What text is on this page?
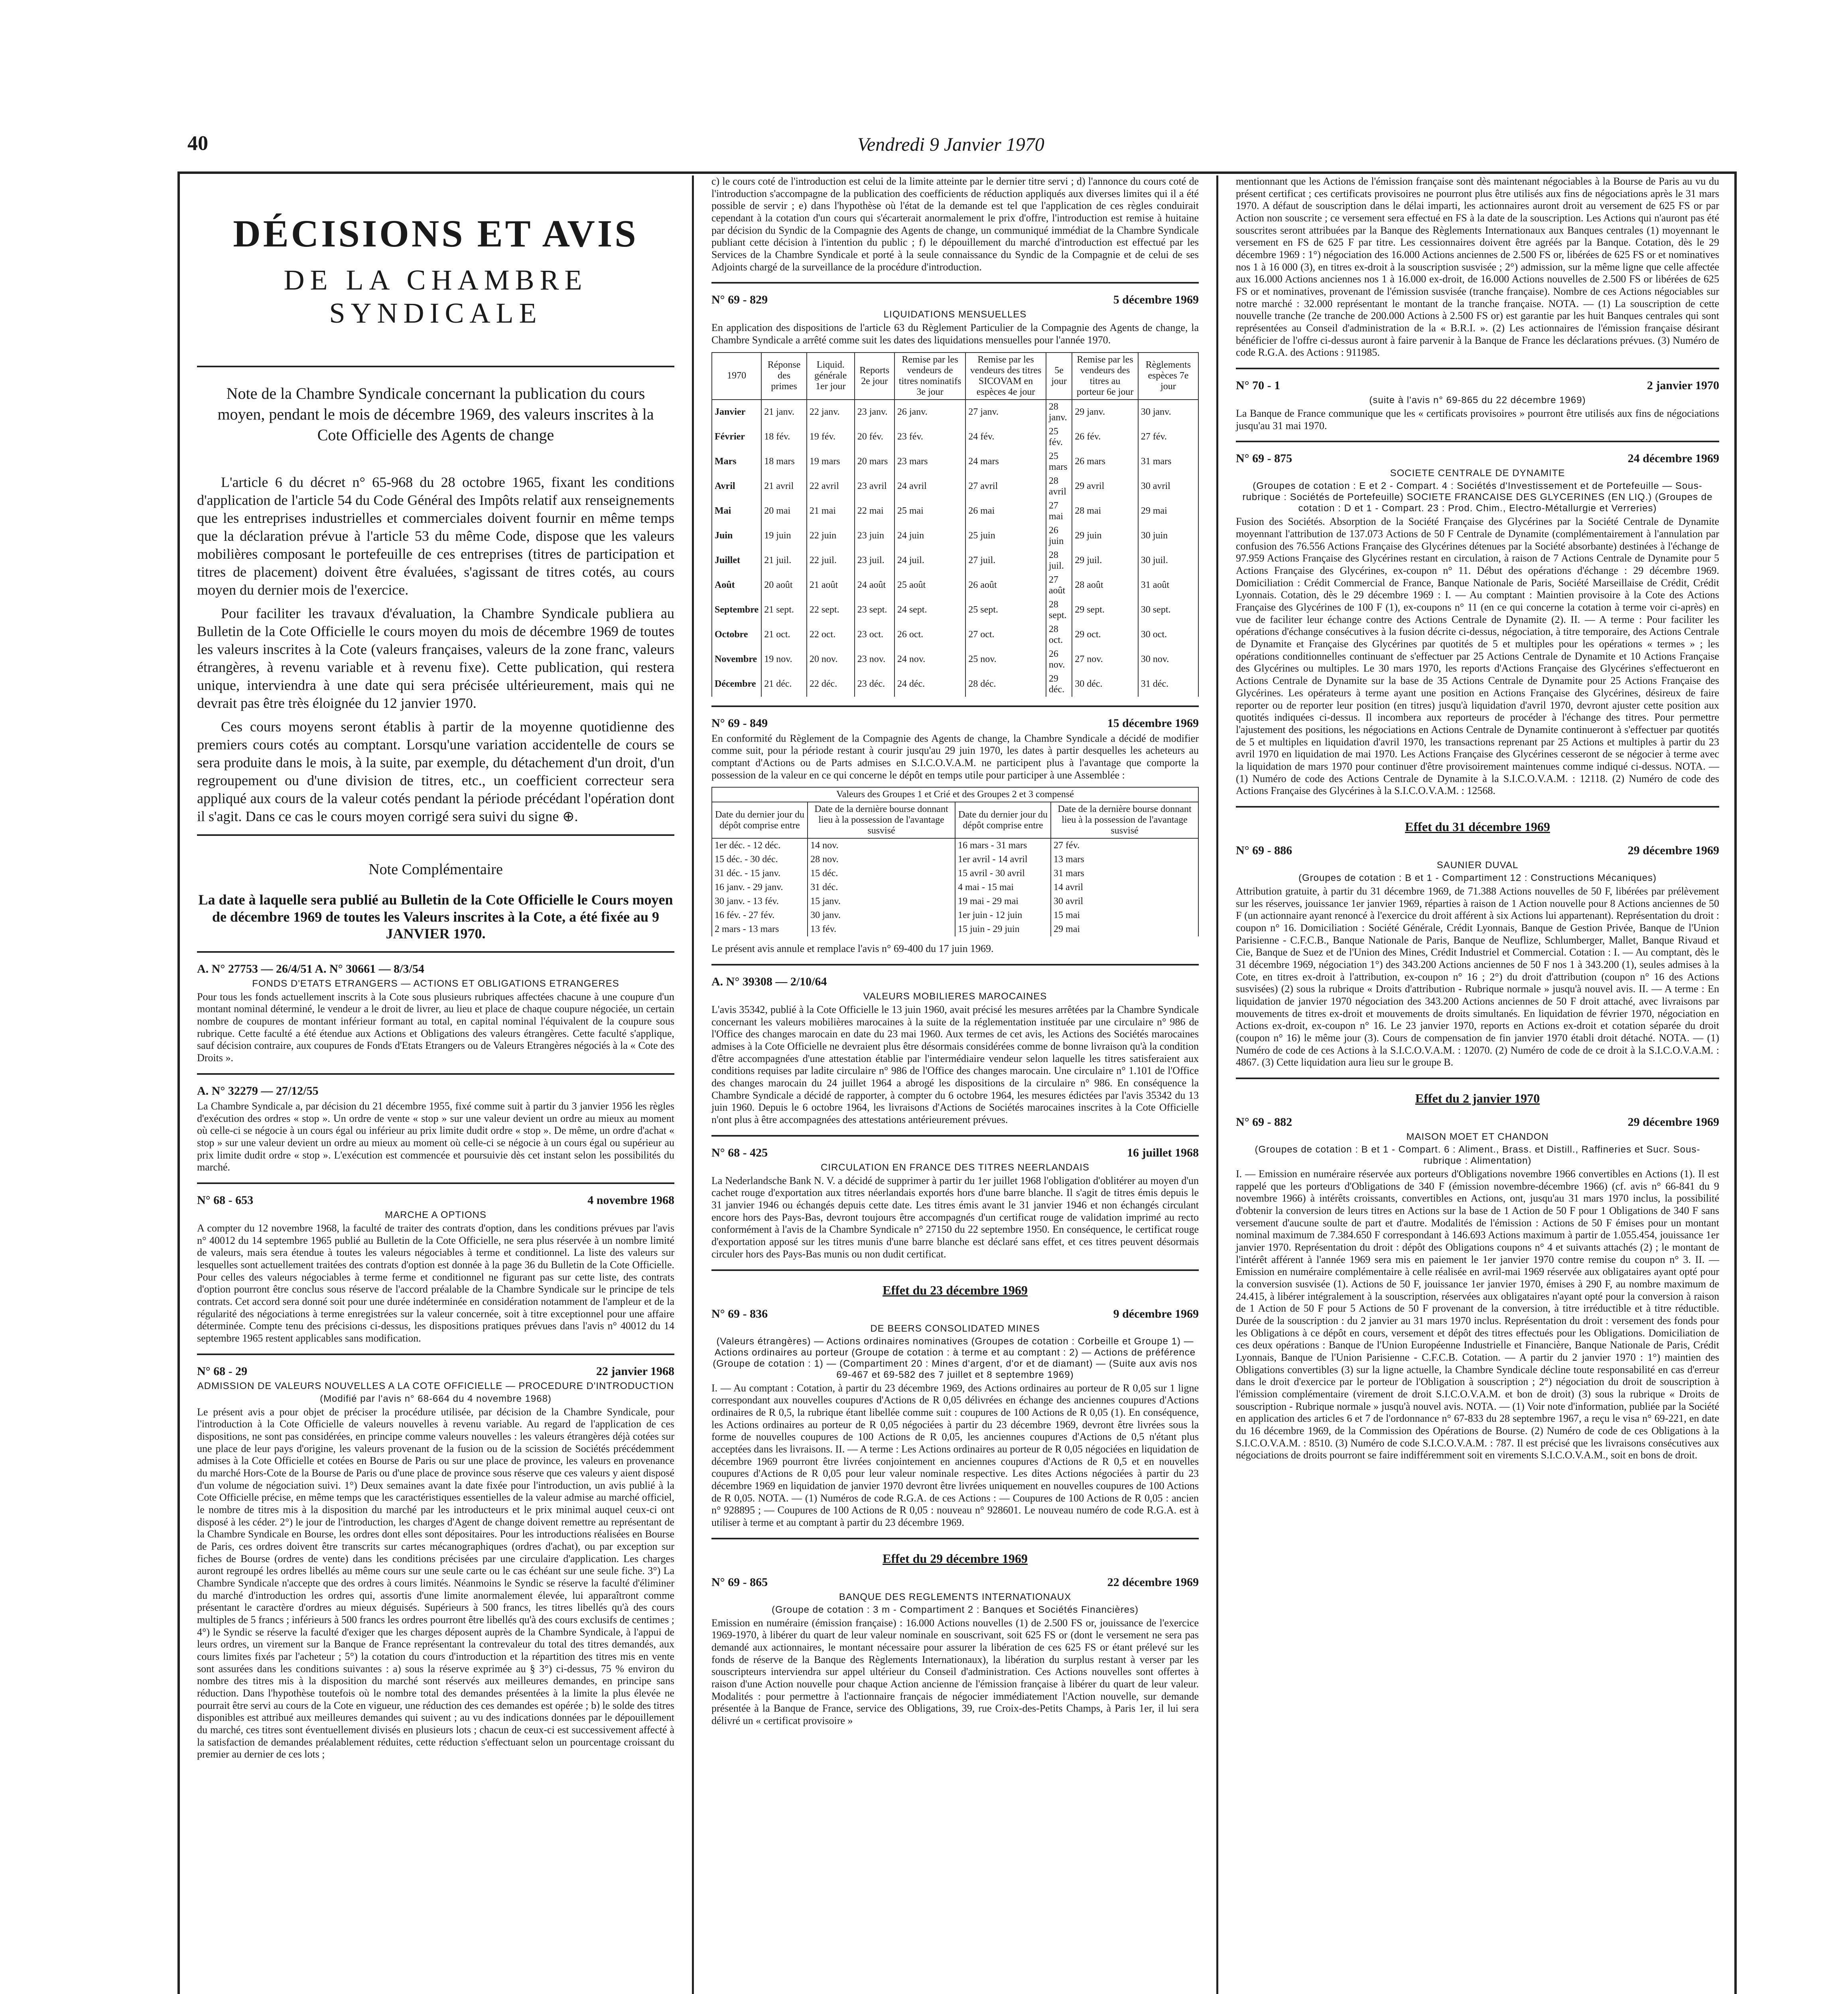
40	Vendredi 9 Janvier 1970
DÉCISIONS ET AVIS
DE LA CHAMBRE SYNDICALE
Note de la Chambre Syndicale concernant la publication du cours moyen, pendant le mois de décembre 1969, des valeurs inscrites à la Cote Officielle des Agents de change

L'article 6 du décret n° 65-968 du 28 octobre 1965, fixant les conditions d'application de l'article 54 du Code Général des Impôts relatif aux renseignements que les entreprises industrielles et commerciales doivent fournir en même temps que la déclaration prévue à l'article 53 du même Code, dispose que les valeurs mobilières composant le portefeuille de ces entreprises (titres de participation et titres de placement) doivent être évaluées, s'agissant de titres cotés, au cours moyen du dernier mois de l'exercice.

Pour faciliter les travaux d'évaluation, la Chambre Syndicale publiera au Bulletin de la Cote Officielle le cours moyen du mois de décembre 1969 de toutes les valeurs inscrites à la Cote (valeurs françaises, valeurs de la zone franc, valeurs étrangères, à revenu variable et à revenu fixe). Cette publication, qui restera unique, interviendra à une date qui sera précisée ultérieurement, mais qui ne devrait pas être très éloignée du 12 janvier 1970.

Ces cours moyens seront établis à partir de la moyenne quotidienne des premiers cours cotés au comptant. Lorsqu'une variation accidentelle de cours se sera produite dans le mois, à la suite, par exemple, du détachement d'un droit, d'un regroupement ou d'une division de titres, etc., un coefficient correcteur sera appliqué aux cours de la valeur cotés pendant la période précédant l'opération dont il s'agit. Dans ce cas le cours moyen corrigé sera suivi du signe ⊕.

Note Complémentaire

La date à laquelle sera publié au Bulletin de la Cote Officielle le Cours moyen de décembre 1969 de toutes les Valeurs inscrites à la Cote, a été fixée au 9 JANVIER 1970.

A. N° 27753 — 26/4/51 A. N° 30661 — 8/3/54
FONDS D'ETATS ETRANGERS — ACTIONS ET OBLIGATIONS ETRANGERES

Pour tous les fonds actuellement inscrits à la Cote sous plusieurs rubriques affectées chacune à une coupure d'un montant nominal déterminé, le vendeur a le droit de livrer, au lieu et place de chaque coupure négociée, un certain nombre de coupures de montant inférieur formant au total, en capital nominal l'équivalent de la coupure sous rubrique. Cette faculté a été étendue aux Actions et Obligations des valeurs étrangères. Cette faculté s'applique, sauf décision contraire, aux coupures de Fonds d'Etats Etrangers ou de Valeurs Etrangères négociés à la « Cote des Droits ».

A. N° 32279 — 27/12/55

La Chambre Syndicale a, par décision du 21 décembre 1955, fixé comme suit à partir du 3 janvier 1956 les règles d'exécution des ordres « stop ». Un ordre de vente « stop » sur une valeur devient un ordre au mieux au moment où celle-ci se négocie à un cours égal ou inférieur au prix limite dudit ordre « stop ». De même, un ordre d'achat « stop » sur une valeur devient un ordre au mieux au moment où celle-ci se négocie à un cours égal ou supérieur au prix limite dudit ordre « stop ». L'exécution est commencée et poursuivie dès cet instant selon les possibilités du marché.

N° 68 - 653	4 novembre 1968
MARCHE A OPTIONS

A compter du 12 novembre 1968, la faculté de traiter des contrats d'option, dans les conditions prévues par l'avis n° 40012 du 14 septembre 1965 publié au Bulletin de la Cote Officielle, ne sera plus réservée à un nombre limité de valeurs, mais sera étendue à toutes les valeurs négociables à terme et conditionnel. La liste des valeurs sur lesquelles sont actuellement traitées des contrats d'option est donnée à la page 36 du Bulletin de la Cote Officielle. Pour celles des valeurs négociables à terme ferme et conditionnel ne figurant pas sur cette liste, des contrats d'option pourront être conclus sous réserve de l'accord préalable de la Chambre Syndicale sur le principe de tels contrats. Cet accord sera donné soit pour une durée indéterminée en considération notamment de l'ampleur et de la régularité des négociations à terme enregistrées sur la valeur concernée, soit à titre exceptionnel pour une affaire déterminée. Compte tenu des précisions ci-dessus, les dispositions pratiques prévues dans l'avis n° 40012 du 14 septembre 1965 restent applicables sans modification.

N° 68 - 29	22 janvier 1968
ADMISSION DE VALEURS NOUVELLES A LA COTE OFFICIELLE — PROCEDURE D'INTRODUCTION
(Modifié par l'avis n° 68-664 du 4 novembre 1968)

Le présent avis a pour objet de préciser la procédure utilisée, par décision de la Chambre Syndicale, pour l'introduction à la Cote Officielle de valeurs nouvelles à revenu variable. Au regard de l'application de ces dispositions, ne sont pas considérées, en principe comme valeurs nouvelles : les valeurs étrangères déjà cotées sur une place de leur pays d'origine, les valeurs provenant de la fusion ou de la scission de Sociétés précédemment admises à la Cote Officielle et cotées en Bourse de Paris ou sur une place de province, les valeurs en provenance du marché Hors-Cote de la Bourse de Paris ou d'une place de province sous réserve que ces valeurs y aient disposé d'un volume de négociation suivi. 1°) Deux semaines avant la date fixée pour l'introduction, un avis publié à la Cote Officielle précise, en même temps que les caractéristiques essentielles de la valeur admise au marché officiel, le nombre de titres mis à la disposition du marché par les introducteurs et le prix minimal auquel ceux-ci ont disposé à les céder. 2°) le jour de l'introduction, les charges d'Agent de change doivent remettre au représentant de la Chambre Syndicale en Bourse, les ordres dont elles sont dépositaires. Pour les introductions réalisées en Bourse de Paris, ces ordres doivent être transcrits sur cartes mécanographiques (ordres d'achat), ou par exception sur fiches de Bourse (ordres de vente) dans les conditions précisées par une circulaire d'application. Les charges auront regroupé les ordres libellés au même cours sur une seule carte ou le cas échéant sur une seule fiche. 3°) La Chambre Syndicale n'accepte que des ordres à cours limités. Néanmoins le Syndic se réserve la faculté d'éliminer du marché d'introduction les ordres qui, assortis d'une limite anormalement élevée, lui apparaîtront comme présentant le caractère d'ordres au mieux déguisés. Supérieurs à 500 francs, les titres libellés qu'à des cours multiples de 5 francs ; inférieurs à 500 francs les ordres pourront être libellés qu'à des cours exclusifs de centimes ; 4°) le Syndic se réserve la faculté d'exiger que les charges déposent auprès de la Chambre Syndicale, à l'appui de leurs ordres, un virement sur la Banque de France représentant la contrevaleur du total des titres demandés, aux cours limites fixés par l'acheteur ; 5°) la cotation du cours d'introduction et la répartition des titres mis en vente sont assurées dans les conditions suivantes : a) sous la réserve exprimée au § 3°) ci-dessus, 75 % environ du nombre des titres mis à la disposition du marché sont réservés aux meilleures demandes, en principe sans réduction. Dans l'hypothèse toutefois où le nombre total des demandes présentées à la limite la plus élevée ne pourrait être servi au cours de la Cote en vigueur, une réduction des ces demandes est opérée ; b) le solde des titres disponibles est attribué aux meilleures demandes qui suivent ; au vu des indications données par le dépouillement du marché, ces titres sont éventuellement divisés en plusieurs lots ; chacun de ceux-ci est successivement affecté à la satisfaction de demandes préalablement réduites, cette réduction s'effectuant selon un pourcentage croissant du premier au dernier de ces lots ;

c) le cours coté de l'introduction est celui de la limite atteinte par le dernier titre servi ; d) l'annonce du cours coté de l'introduction s'accompagne de la publication des coefficients de réduction appliqués aux diverses limites qui il a été possible de servir ; e) dans l'hypothèse où l'état de la demande est tel que l'application de ces règles conduirait cependant à la cotation d'un cours qui s'écarterait anormalement le prix d'offre, l'introduction est remise à huitaine par décision du Syndic de la Compagnie des Agents de change, un communiqué immédiat de la Chambre Syndicale publiant cette décision à l'intention du public ; f) le dépouillement du marché d'introduction est effectué par les Services de la Chambre Syndicale et porté à la seule connaissance du Syndic de la Compagnie et de celui de ses Adjoints chargé de la surveillance de la procédure d'introduction.

N° 69 - 829	5 décembre 1969
LIQUIDATIONS MENSUELLES

En application des dispositions de l'article 63 du Règlement Particulier de la Compagnie des Agents de change, la Chambre Syndicale a arrêté comme suit les dates des liquidations mensuelles pour l'année 1970.

1970	Réponse des primes	Liquid. générale 1er jour	Reports 2e jour	Remise par les vendeurs de titres nominatifs 3e jour	Remise par les vendeurs des titres SICOVAM en espèces 4e jour	5e jour	Remise par les vendeurs des titres au porteur 6e jour	Règlements espèces 7e jour
Janvier	21 janv.	22 janv.	23 janv.	26 janv.	27 janv.	28 janv.	29 janv.	30 janv.
Février	18 fév.	19 fév.	20 fév.	23 fév.	24 fév.	25 fév.	26 fév.	27 fév.
Mars	18 mars	19 mars	20 mars	23 mars	24 mars	25 mars	26 mars	31 mars
Avril	21 avril	22 avril	23 avril	24 avril	27 avril	28 avril	29 avril	30 avril
Mai	20 mai	21 mai	22 mai	25 mai	26 mai	27 mai	28 mai	29 mai
Juin	19 juin	22 juin	23 juin	24 juin	25 juin	26 juin	29 juin	30 juin
Juillet	21 juil.	22 juil.	23 juil.	24 juil.	27 juil.	28 juil.	29 juil.	30 juil.
Août	20 août	21 août	24 août	25 août	26 août	27 août	28 août	31 août
Septembre	21 sept.	22 sept.	23 sept.	24 sept.	25 sept.	28 sept.	29 sept.	30 sept.
Octobre	21 oct.	22 oct.	23 oct.	26 oct.	27 oct.	28 oct.	29 oct.	30 oct.
Novembre	19 nov.	20 nov.	23 nov.	24 nov.	25 nov.	26 nov.	27 nov.	30 nov.
Décembre	21 déc.	22 déc.	23 déc.	24 déc.	28 déc.	29 déc.	30 déc.	31 déc.
N° 69 - 849	15 décembre 1969

En conformité du Règlement de la Compagnie des Agents de change, la Chambre Syndicale a décidé de modifier comme suit, pour la période restant à courir jusqu'au 29 juin 1970, les dates à partir desquelles les acheteurs au comptant d'Actions ou de Parts admises en S.I.C.O.V.A.M. ne participent plus à l'avantage que comporte la possession de la valeur en ce qui concerne le dépôt en temps utile pour participer à une Assemblée :

Valeurs des Groupes 1 et Crié et des Groupes 2 et 3 compensé			
Date du dernier jour du dépôt comprise entre	Date de la dernière bourse donnant lieu à la possession de l'avantage susvisé	Date du dernier jour du dépôt comprise entre	Date de la dernière bourse donnant lieu à la possession de l'avantage susvisé
1er déc. - 12 déc.	14 nov.	16 mars - 31 mars	27 fév.
15 déc. - 30 déc.	28 nov.	1er avril - 14 avril	13 mars
31 déc. - 15 janv.	15 déc.	15 avril - 30 avril	31 mars
16 janv. - 29 janv.	31 déc.	4 mai - 15 mai	14 avril
30 janv. - 13 fév.	15 janv.	19 mai - 29 mai	30 avril
16 fév. - 27 fév.	30 janv.	1er juin - 12 juin	15 mai
2 mars - 13 mars	13 fév.	15 juin - 29 juin	29 mai

Le présent avis annule et remplace l'avis n° 69-400 du 17 juin 1969.

A. N° 39308 — 2/10/64
VALEURS MOBILIERES MAROCAINES

L'avis 35342, publié à la Cote Officielle le 13 juin 1960, avait précisé les mesures arrêtées par la Chambre Syndicale concernant les valeurs mobilières marocaines à la suite de la réglementation instituée par une circulaire n° 986 de l'Office des changes marocain en date du 23 mai 1960. Aux termes de cet avis, les Actions des Sociétés marocaines admises à la Cote Officielle ne devraient plus être désormais considérées comme de bonne livraison qu'à la condition d'être accompagnées d'une attestation établie par l'intermédiaire vendeur selon laquelle les titres satisferaient aux conditions requises par ladite circulaire n° 986 de l'Office des changes marocain. Une circulaire n° 1.101 de l'Office des changes marocain du 24 juillet 1964 a abrogé les dispositions de la circulaire n° 986. En conséquence la Chambre Syndicale a décidé de rapporter, à compter du 6 octobre 1964, les mesures édictées par l'avis 35342 du 13 juin 1960. Depuis le 6 octobre 1964, les livraisons d'Actions de Sociétés marocaines inscrites à la Cote Officielle n'ont plus à être accompagnées des attestations antérieurement prévues.

N° 68 - 425	16 juillet 1968
CIRCULATION EN FRANCE DES TITRES NEERLANDAIS

La Nederlandsche Bank N. V. a décidé de supprimer à partir du 1er juillet 1968 l'obligation d'oblitérer au moyen d'un cachet rouge d'exportation aux titres néerlandais exportés hors d'une barre blanche. Il s'agit de titres émis depuis le 31 janvier 1946 ou échangés depuis cette date. Les titres émis avant le 31 janvier 1946 et non échangés circulant encore hors des Pays-Bas, devront toujours être accompagnés d'un certificat rouge de validation imprimé au recto conformément à l'avis de la Chambre Syndicale n° 27150 du 22 septembre 1950. En conséquence, le certificat rouge d'exportation apposé sur les titres munis d'une barre blanche est déclaré sans effet, et ces titres peuvent désormais circuler hors des Pays-Bas munis ou non dudit certificat.

Effet du 23 décembre 1969
N° 69 - 836	9 décembre 1969
DE BEERS CONSOLIDATED MINES
(Valeurs étrangères) — Actions ordinaires nominatives (Groupes de cotation : Corbeille et Groupe 1) — Actions ordinaires au porteur (Groupe de cotation : à terme et au comptant : 2) — Actions de préférence (Groupe de cotation : 1) — (Compartiment 20 : Mines d'argent, d'or et de diamant) — (Suite aux avis nos 69-467 et 69-582 des 7 juillet et 8 septembre 1969)

I. — Au comptant : Cotation, à partir du 23 décembre 1969, des Actions ordinaires au porteur de R 0,05 sur 1 ligne correspondant aux nouvelles coupures d'Actions de R 0,05 délivrées en échange des anciennes coupures d'Actions ordinaires de R 0,5, la rubrique étant libellée comme suit : coupures de 100 Actions de R 0,05 (1). En conséquence, les Actions ordinaires au porteur de R 0,05 négociées à partir du 23 décembre 1969, devront être livrées sous la forme de nouvelles coupures de 100 Actions de R 0,05, les anciennes coupures d'Actions de 0,5 n'étant plus acceptées dans les livraisons. II. — A terme : Les Actions ordinaires au porteur de R 0,05 négociées en liquidation de décembre 1969 pourront être livrées conjointement en anciennes coupures d'Actions de R 0,5 et en nouvelles coupures d'Actions de R 0,05 pour leur valeur nominale respective. Les dites Actions négociées à partir du 23 décembre 1969 en liquidation de janvier 1970 devront être livrées uniquement en nouvelles coupures de 100 Actions de R 0,05. NOTA. — (1) Numéros de code R.G.A. de ces Actions : — Coupures de 100 Actions de R 0,05 : ancien n° 928895 ; — Coupures de 100 Actions de R 0,05 : nouveau n° 928601. Le nouveau numéro de code R.G.A. est à utiliser à terme et au comptant à partir du 23 décembre 1969.

Effet du 29 décembre 1969
N° 69 - 865	22 décembre 1969
BANQUE DES REGLEMENTS INTERNATIONAUX
(Groupe de cotation : 3 m - Compartiment 2 : Banques et Sociétés Financières)

Emission en numéraire (émission française) : 16.000 Actions nouvelles (1) de 2.500 FS or, jouissance de l'exercice 1969-1970, à libérer du quart de leur valeur nominale en souscrivant, soit 625 FS or (dont le versement ne sera pas demandé aux actionnaires, le montant nécessaire pour assurer la libération de ces 625 FS or étant prélevé sur les fonds de réserve de la Banque des Règlements Internationaux), la libération du surplus restant à verser par les souscripteurs interviendra sur appel ultérieur du Conseil d'administration. Ces Actions nouvelles sont offertes à raison d'une Action nouvelle pour chaque Action ancienne de l'émission française à libérer du quart de leur valeur. Modalités : pour permettre à l'actionnaire français de négocier immédiatement l'Action nouvelle, sur demande présentée à la Banque de France, service des Obligations, 39, rue Croix-des-Petits Champs, à Paris 1er, il lui sera délivré un « certificat provisoire »

mentionnant que les Actions de l'émission française sont dès maintenant négociables à la Bourse de Paris au vu du présent certificat ; ces certificats provisoires ne pourront plus être utilisés aux fins de négociations après le 31 mars 1970. A défaut de souscription dans le délai imparti, les actionnaires auront droit au versement de 625 FS or par Action non souscrite ; ce versement sera effectué en FS à la date de la souscription. Les Actions qui n'auront pas été souscrites seront attribuées par la Banque des Règlements Internationaux aux Banques centrales (1) moyennant le versement en FS de 625 F par titre. Les cessionnaires doivent être agréés par la Banque. Cotation, dès le 29 décembre 1969 : 1°) négociation des 16.000 Actions anciennes de 2.500 FS or, libérées de 625 FS or et nominatives nos 1 à 16 000 (3), en titres ex-droit à la souscription susvisée ; 2°) admission, sur la même ligne que celle affectée aux 16.000 Actions anciennes nos 1 à 16.000 ex-droit, de 16.000 Actions nouvelles de 2.500 FS or libérées de 625 FS or et nominatives, provenant de l'émission susvisée (tranche française). Nombre de ces Actions négociables sur notre marché : 32.000 représentant le montant de la tranche française. NOTA. — (1) La souscription de cette nouvelle tranche (2e tranche de 200.000 Actions à 2.500 FS or) est garantie par les huit Banques centrales qui sont représentées au Conseil d'administration de la « B.R.I. ». (2) Les actionnaires de l'émission française désirant bénéficier de l'offre ci-dessus auront à faire parvenir à la Banque de France les déclarations prévues. (3) Numéro de code R.G.A. des Actions : 911985.

N° 70 - 1	2 janvier 1970
(suite à l'avis n° 69-865 du 22 décembre 1969)

La Banque de France communique que les « certificats provisoires » pourront être utilisés aux fins de négociations jusqu'au 31 mai 1970.

N° 69 - 875	24 décembre 1969
SOCIETE CENTRALE DE DYNAMITE
(Groupes de cotation : E et 2 - Compart. 4 : Sociétés d'Investissement et de Portefeuille — Sous-rubrique : Sociétés de Portefeuille) SOCIETE FRANCAISE DES GLYCERINES (EN LIQ.) (Groupes de cotation : D et 1 - Compart. 23 : Prod. Chim., Electro-Métallurgie et Verreries)

Fusion des Sociétés. Absorption de la Société Française des Glycérines par la Société Centrale de Dynamite moyennant l'attribution de 137.073 Actions de 50 F Centrale de Dynamite (complémentairement à l'annulation par confusion des 76.556 Actions Française des Glycérines détenues par la Société absorbante) destinées à l'échange de 97.959 Actions Française des Glycérines restant en circulation, à raison de 7 Actions Centrale de Dynamite pour 5 Actions Française des Glycérines, ex-coupon n° 11. Début des opérations d'échange : 29 décembre 1969. Domiciliation : Crédit Commercial de France, Banque Nationale de Paris, Société Marseillaise de Crédit, Crédit Lyonnais. Cotation, dès le 29 décembre 1969 : I. — Au comptant : Maintien provisoire à la Cote des Actions Française des Glycérines de 100 F (1), ex-coupons n° 11 (en ce qui concerne la cotation à terme voir ci-après) en vue de faciliter leur échange contre des Actions Centrale de Dynamite (2). II. — A terme : Pour faciliter les opérations d'échange consécutives à la fusion décrite ci-dessus, négociation, à titre temporaire, des Actions Centrale de Dynamite et Française des Glycérines par quotités de 5 et multiples pour les opérations « termes » ; les opérations conditionnelles continuant de s'effectuer par 25 Actions Centrale de Dynamite et 10 Actions Française des Glycérines ou multiples. Le 30 mars 1970, les reports d'Actions Française des Glycérines s'effectueront en Actions Centrale de Dynamite sur la base de 35 Actions Centrale de Dynamite pour 25 Actions Française des Glycérines. Les opérateurs à terme ayant une position en Actions Française des Glycérines, désireux de faire reporter ou de reporter leur position (en titres) jusqu'à liquidation d'avril 1970, devront ajuster cette position aux quotités indiquées ci-dessus. Il incombera aux reporteurs de procéder à l'échange des titres. Pour permettre l'ajustement des positions, les négociations en Actions Centrale de Dynamite continueront à s'effectuer par quotités de 5 et multiples en liquidation d'avril 1970, les transactions reprenant par 25 Actions et multiples à partir du 23 avril 1970 en liquidation de mai 1970. Les Actions Française des Glycérines cesseront de se négocier à terme avec la liquidation de mars 1970 pour continuer d'être provisoirement maintenues comme indiqué ci-dessus. NOTA. — (1) Numéro de code des Actions Centrale de Dynamite à la S.I.C.O.V.A.M. : 12118. (2) Numéro de code des Actions Française des Glycérines à la S.I.C.O.V.A.M. : 12568.

Effet du 31 décembre 1969
N° 69 - 886	29 décembre 1969
SAUNIER DUVAL
(Groupes de cotation : B et 1 - Compartiment 12 : Constructions Mécaniques)

Attribution gratuite, à partir du 31 décembre 1969, de 71.388 Actions nouvelles de 50 F, libérées par prélèvement sur les réserves, jouissance 1er janvier 1969, réparties à raison de 1 Action nouvelle pour 8 Actions anciennes de 50 F (un actionnaire ayant renoncé à l'exercice du droit afférent à six Actions lui appartenant). Représentation du droit : coupon n° 16. Domiciliation : Société Générale, Crédit Lyonnais, Banque de Gestion Privée, Banque de l'Union Parisienne - C.F.C.B., Banque Nationale de Paris, Banque de Neuflize, Schlumberger, Mallet, Banque Rivaud et Cie, Banque de Suez et de l'Union des Mines, Crédit Industriel et Commercial. Cotation : I. — Au comptant, dès le 31 décembre 1969, négociation 1°) des 343.200 Actions anciennes de 50 F nos 1 à 343.200 (1), seules admises à la Cote, en titres ex-droit à l'attribution, ex-coupon n° 16 ; 2°) du droit d'attribution (coupon n° 16 des Actions susvisées) (2) sous la rubrique « Droits d'attribution - Rubrique normale » jusqu'à nouvel avis. II. — A terme : En liquidation de janvier 1970 négociation des 343.200 Actions anciennes de 50 F droit attaché, avec livraisons par mouvements de titres ex-droit et mouvements de droits simultanés. En liquidation de février 1970, négociation en Actions ex-droit, ex-coupon n° 16. Le 23 janvier 1970, reports en Actions ex-droit et cotation séparée du droit (coupon n° 16) le même jour (3). Cours de compensation de fin janvier 1970 établi droit détaché. NOTA. — (1) Numéro de code de ces Actions à la S.I.C.O.V.A.M. : 12070. (2) Numéro de code de ce droit à la S.I.C.O.V.A.M. : 4867. (3) Cette liquidation aura lieu sur le groupe B.

Effet du 2 janvier 1970
N° 69 - 882	29 décembre 1969
MAISON MOET ET CHANDON
(Groupes de cotation : B et 1 - Compart. 6 : Aliment., Brass. et Distill., Raffineries et Sucr. Sous-rubrique : Alimentation)

I. — Emission en numéraire réservée aux porteurs d'Obligations novembre 1966 convertibles en Actions (1). Il est rappelé que les porteurs d'Obligations de 340 F (émission novembre-décembre 1966) (cf. avis n° 66-841 du 9 novembre 1966) à intérêts croissants, convertibles en Actions, ont, jusqu'au 31 mars 1970 inclus, la possibilité d'obtenir la conversion de leurs titres en Actions sur la base de 1 Action de 50 F pour 1 Obligations de 340 F sans versement d'aucune soulte de part et d'autre. Modalités de l'émission : Actions de 50 F émises pour un montant nominal maximum de 7.384.650 F correspondant à 146.693 Actions maximum à partir de 1.055.454, jouissance 1er janvier 1970. Représentation du droit : dépôt des Obligations coupons n° 4 et suivants attachés (2) ; le montant de l'intérêt afférent à l'année 1969 sera mis en paiement le 1er janvier 1970 contre remise du coupon n° 3. II. — Emission en numéraire complémentaire à celle réalisée en avril-mai 1969 réservée aux obligataires ayant opté pour la conversion susvisée (1). Actions de 50 F, jouissance 1er janvier 1970, émises à 290 F, au nombre maximum de 24.415, à libérer intégralement à la souscription, réservées aux obligataires n'ayant opté pour la conversion à raison de 1 Action de 50 F pour 5 Actions de 50 F provenant de la conversion, à titre irréductible et à titre réductible. Durée de la souscription : du 2 janvier au 31 mars 1970 inclus. Représentation du droit : versement des fonds pour les Obligations à ce dépôt en cours, versement et dépôt des titres effectués pour les Obligations. Domiciliation de ces deux opérations : Banque de l'Union Européenne Industrielle et Financière, Banque Nationale de Paris, Crédit Lyonnais, Banque de l'Union Parisienne - C.F.C.B. Cotation. — A partir du 2 janvier 1970 : 1°) maintien des Obligations convertibles (3) sur la ligne actuelle, la Chambre Syndicale décline toute responsabilité en cas d'erreur dans le droit d'exercice par le porteur de l'Obligation à souscription ; 2°) négociation du droit de souscription à l'émission complémentaire (virement de droit S.I.C.O.V.A.M. et bon de droit) (3) sous la rubrique « Droits de souscription - Rubrique normale » jusqu'à nouvel avis. NOTA. — (1) Voir note d'information, publiée par la Société en application des articles 6 et 7 de l'ordonnance n° 67-833 du 28 septembre 1967, a reçu le visa n° 69-221, en date du 16 décembre 1969, de la Commission des Opérations de Bourse. (2) Numéro de code de ces Obligations à la S.I.C.O.V.A.M. : 8510. (3) Numéro de code S.I.C.O.V.A.M. : 787. Il est précisé que les livraisons consécutives aux négociations de droits pourront se faire indifféremment soit en virements S.I.C.O.V.A.M., soit en bons de droit.
